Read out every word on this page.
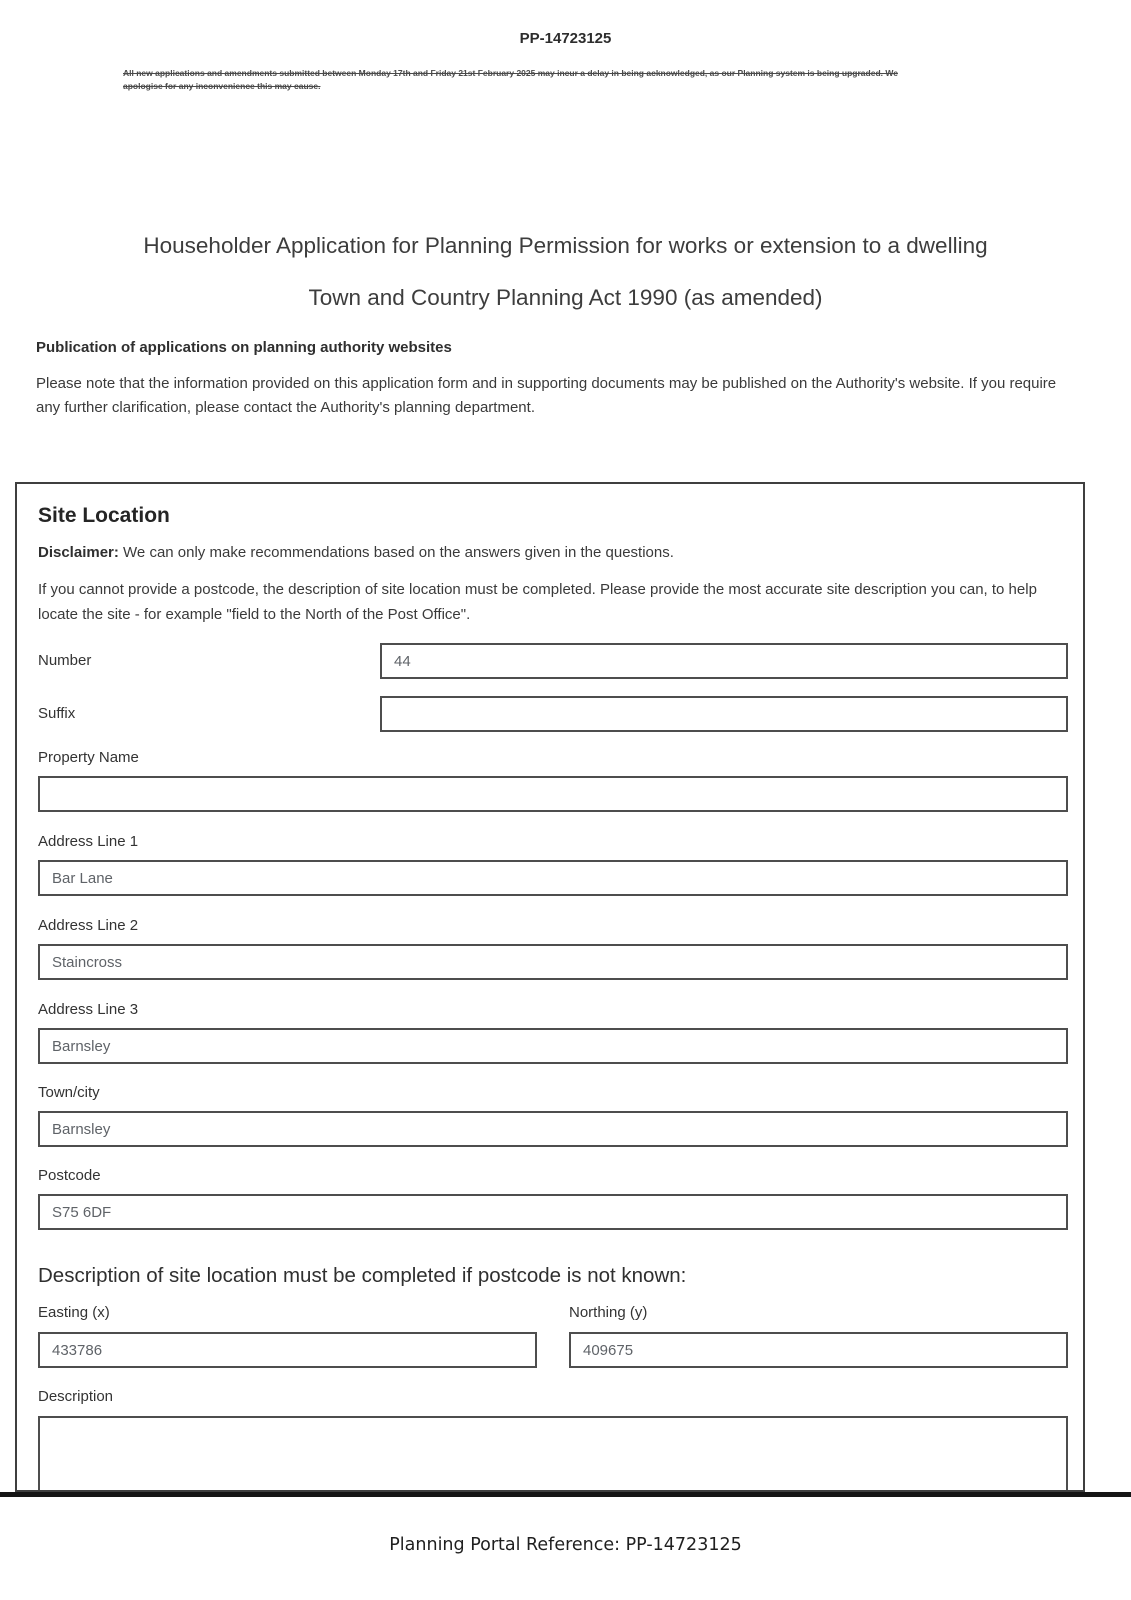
PP-14723125

All new applications and amendments submitted between Monday 17th and Friday 21st February 2025 may incur a delay in being acknowledged, as our Planning system is being upgraded. We apologise for any inconvenience this may cause.

Householder Application for Planning Permission for works or extension to a dwelling
Town and Country Planning Act 1990 (as amended)
Publication of applications on planning authority websites

Please note that the information provided on this application form and in supporting documents may be published on the Authority's website. If you require any further clarification, please contact the Authority's planning department.

Site Location

Disclaimer: We can only make recommendations based on the answers given in the questions.

If you cannot provide a postcode, the description of site location must be completed. Please provide the most accurate site description you can, to help locate the site - for example "field to the North of the Post Office".

Number
44
Suffix
Property Name
Address Line 1
Bar Lane
Address Line 2
Staincross
Address Line 3
Barnsley
Town/city
Barnsley
Postcode
S75 6DF
Description of site location must be completed if postcode is not known:
Easting (x)
433786	Northing (y)
409675
Description
Planning Portal Reference: PP-14723125
